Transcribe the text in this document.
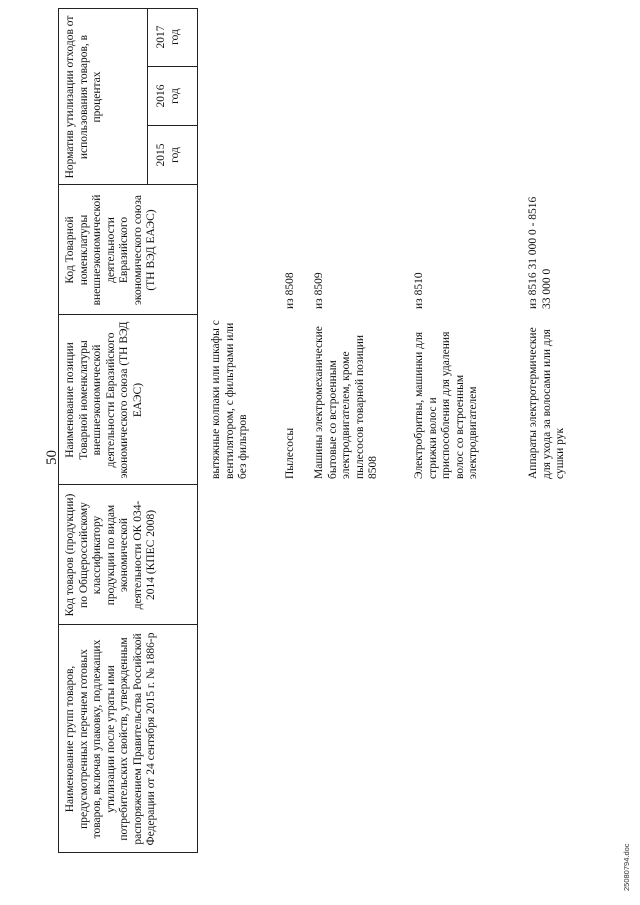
50
25080794.doc
Наименование групп товаров, предусмотренных перечнем готовых товаров, включая упаковку, подлежащих утилизации после утраты ими потребительских свойств, утвержденным распоряжением Правительства Российской Федерации от 24 сентября 2015 г. № 1886-р
Код товаров (продукции) по Общероссийскому классификатору продукции по видам экономической деятельности ОК 034-2014 (КПЕС 2008)
Наименование позиции Товарной номенклатуры внешнеэкономической деятельности Евразийского экономического союза (ТН ВЭД ЕАЭС)
Код Товарной номенклатуры внешнеэкономической деятельности Евразийского экономического союза (ТН ВЭД ЕАЭС)
Норматив утилизации отходов от использования товаров, в процентах
2015 год
2016 год
2017 год
вытяжные колпаки или шкафы с вентилятором, с фильтрами или без фильтров	Пылесосы
из 8508
Машины электромеханические бытовые со встроенным электродвигателем, кроме пылесосов товарной позиции 8508
из 8509
Электробритвы, машинки для стрижки волос и приспособления для удаления волос со встроенным электродвигателем
из 8510
Аппараты электротермические для ухода за волосами или для сушки рук
из 8516 31 000 0 - 8516 33 000 0
